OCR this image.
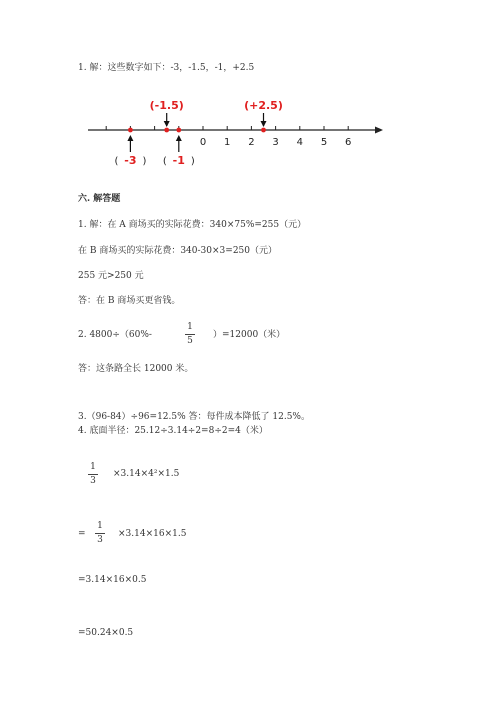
1. 解：这些数字如下：-3，-1.5，-1，+2.5
0 1 2 3 4 5 6
(-1.5)	(+2.5)
( -3 ) ( -1 )
六. 解答题
1. 解：在 A 商场买的实际花费：340×75%=255（元）
在 B 商场买的实际花费：340-30×3=250（元）
255 元>250 元
答：在 B 商场买更省钱。
2. 4800÷（60%-
1
5
）=12000（米）
答：这条路全长 12000 米。
3.（96-84）÷96=12.5% 答：每件成本降低了 12.5%。
4. 底面半径：25.12÷3.14÷2=8÷2=4（米）
1
3
×3.14×4²×1.5
=
1
3
×3.14×16×1.5
=3.14×16×0.5
=50.24×0.5
